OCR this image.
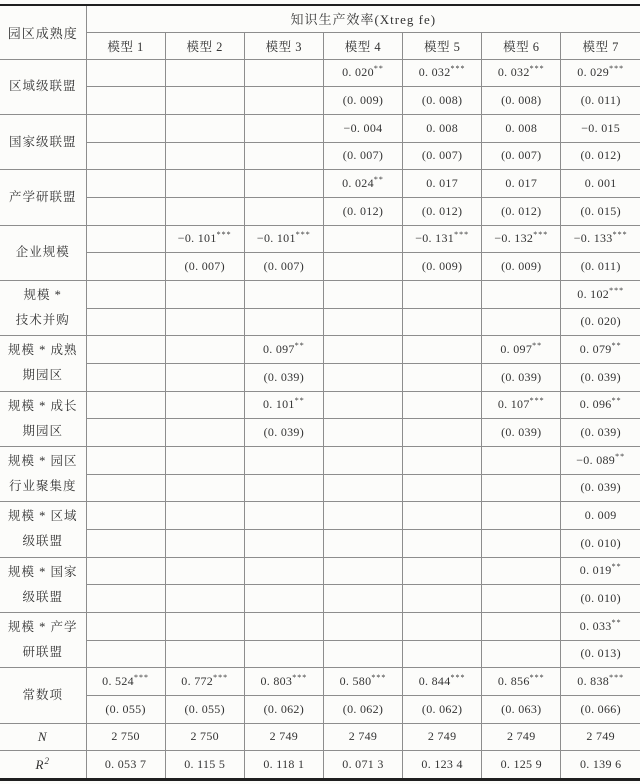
园区成熟度	知识生产效率(Xtreg fe)						
	模型 1	模型 2	模型 3	模型 4	模型 5	模型 6	模型 7
区域级联盟				0. 020**	0. 032***	0. 032***	0. 029***
				(0. 009)	(0. 008)	(0. 008)	(0. 011)
国家级联盟				−0. 004	0. 008	0. 008	−0. 015
				(0. 007)	(0. 007)	(0. 007)	(0. 012)
产学研联盟				0. 024**	0. 017	0. 017	0. 001
				(0. 012)	(0. 012)	(0. 012)	(0. 015)
企业规模		−0. 101***	−0. 101***		−0. 131***	−0. 132***	−0. 133***
		(0. 007)	(0. 007)		(0. 009)	(0. 009)	(0. 011)
规模 *
技术并购							0. 102***
							(0. 020)
规模 * 成熟
期园区			0. 097**			0. 097**	0. 079**
			(0. 039)			(0. 039)	(0. 039)
规模 * 成长
期园区			0. 101**			0. 107***	0. 096**
			(0. 039)			(0. 039)	(0. 039)
规模 * 园区
行业聚集度							−0. 089**
							(0. 039)
规模 * 区域
级联盟							0. 009
							(0. 010)
规模 * 国家
级联盟							0. 019**
							(0. 010)
规模 * 产学
研联盟							0. 033**
							(0. 013)
常数项	0. 524***	0. 772***	0. 803***	0. 580***	0. 844***	0. 856***	0. 838***
	(0. 055)	(0. 055)	(0. 062)	(0. 062)	(0. 062)	(0. 063)	(0. 066)
N	2 750	2 750	2 749	2 749	2 749	2 749	2 749
$R^2$	0. 053 7	0. 115 5	0. 118 1	0. 071 3	0. 123 4	0. 125 9	0. 139 6
